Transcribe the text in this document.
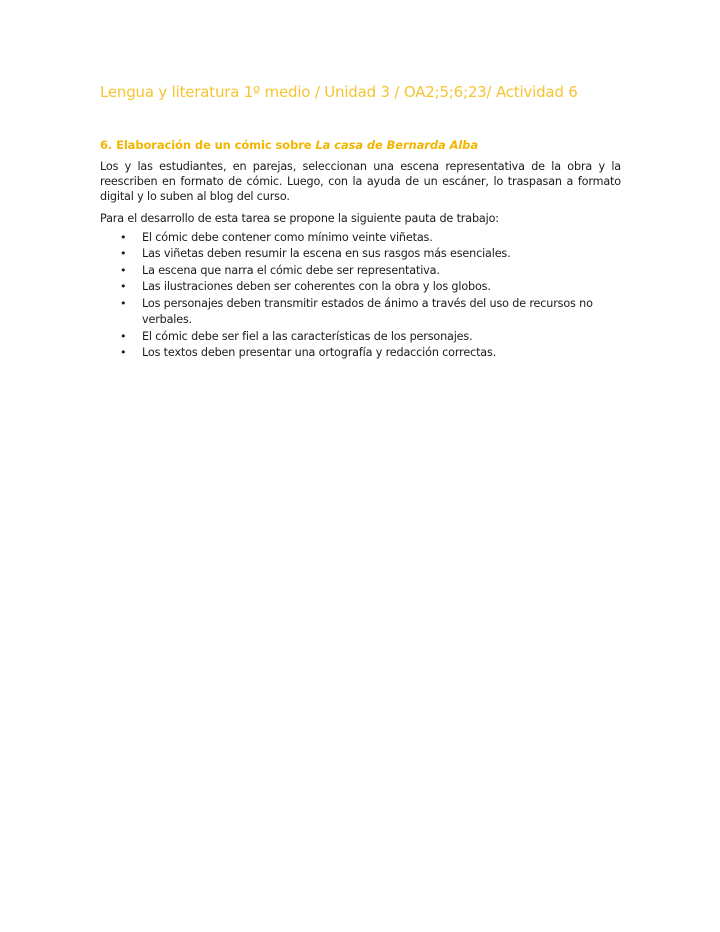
Lengua y literatura 1º medio / Unidad 3 / OA2;5;6;23/ Actividad 6
6. Elaboración de un cómic sobre La casa de Bernarda Alba

Los y las estudiantes, en parejas, seleccionan una escena representativa de la obra y la reescriben en formato de cómic. Luego, con la ayuda de un escáner, lo traspasan a formato digital y lo suben al blog del curso.

Para el desarrollo de esta tarea se propone la siguiente pauta de trabajo:

• El cómic debe contener como mínimo veinte viñetas.
• Las viñetas deben resumir la escena en sus rasgos más esenciales.
• La escena que narra el cómic debe ser representativa.
• Las ilustraciones deben ser coherentes con la obra y los globos.
• Los personajes deben transmitir estados de ánimo a través del uso de recursos no verbales.
• El cómic debe ser fiel a las características de los personajes.
• Los textos deben presentar una ortografía y redacción correctas.
